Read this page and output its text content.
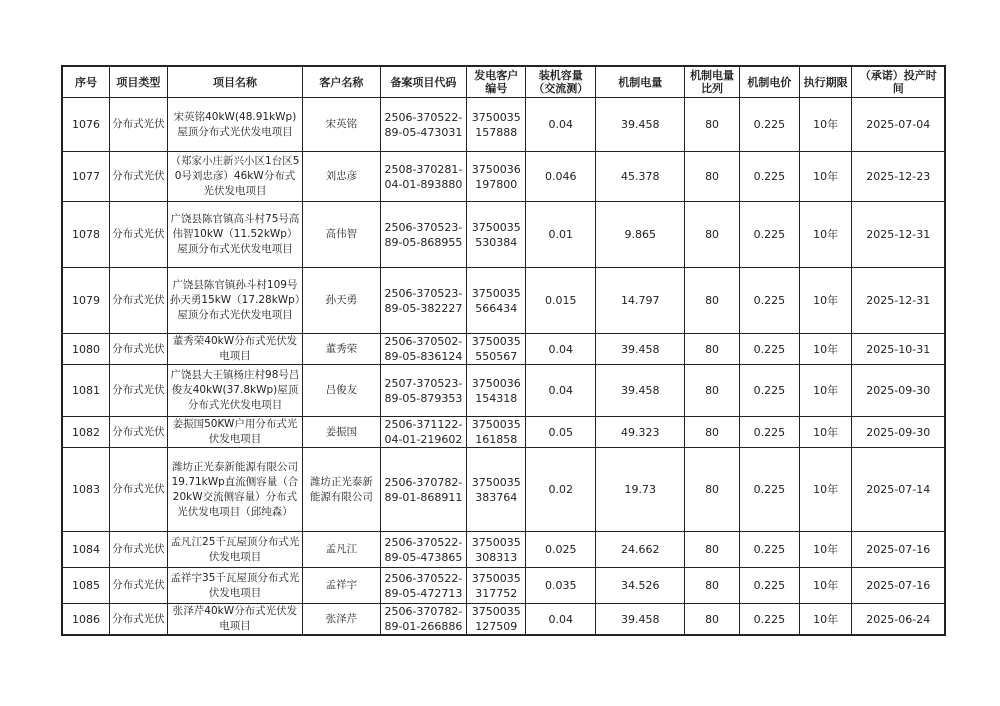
序号	项目类型	项目名称	客户名称	备案项目代码	发电客户编号	装机容量（交流测）	机制电量	机制电量比列	机制电价	执行期限	（承诺）投产时间
1076	分布式光伏	宋英铭40kW(48.91kWp)屋顶分布式光伏发电项目	宋英铭	2506-370522-89-05-473031	3750035157888	0.04	39.458	80	0.225	10年	2025-07-04
1077	分布式光伏	（郑家小庄新兴小区1台区50号刘忠彦）46kW分布式光伏发电项目	刘忠彦	2508-370281-04-01-893880	3750036197800	0.046	45.378	80	0.225	10年	2025-12-23
1078	分布式光伏	广饶县陈官镇高斗村75号高伟智10kW（11.52kWp）屋顶分布式光伏发电项目	高伟智	2506-370523-89-05-868955	3750035530384	0.01	9.865	80	0.225	10年	2025-12-31
1079	分布式光伏	广饶县陈官镇孙斗村109号孙天勇15kW（17.28kWp）屋顶分布式光伏发电项目	孙天勇	2506-370523-89-05-382227	3750035566434	0.015	14.797	80	0.225	10年	2025-12-31
1080	分布式光伏	董秀荣40kW分布式光伏发电项目	董秀荣	2506-370502-89-05-836124	3750035550567	0.04	39.458	80	0.225	10年	2025-10-31
1081	分布式光伏	广饶县大王镇杨庄村98号吕俊友40kW(37.8kWp)屋顶分布式光伏发电项目	吕俊友	2507-370523-89-05-879353	3750036154318	0.04	39.458	80	0.225	10年	2025-09-30
1082	分布式光伏	姜振国50KW户用分布式光伏发电项目	姜振国	2506-371122-04-01-219602	3750035161858	0.05	49.323	80	0.225	10年	2025-09-30
1083	分布式光伏	潍坊正光泰新能源有限公司19.71kWp直流侧容量（合20kW交流侧容量）分布式光伏发电项目（邱纯森）	潍坊正光泰新能源有限公司	2506-370782-89-01-868911	3750035383764	0.02	19.73	80	0.225	10年	2025-07-14
1084	分布式光伏	孟凡江25千瓦屋顶分布式光伏发电项目	孟凡江	2506-370522-89-05-473865	3750035308313	0.025	24.662	80	0.225	10年	2025-07-16
1085	分布式光伏	孟祥宇35千瓦屋顶分布式光伏发电项目	孟祥宇	2506-370522-89-05-472713	3750035317752	0.035	34.526	80	0.225	10年	2025-07-16
1086	分布式光伏	张泽芹40kW分布式光伏发电项目	张泽芹	2506-370782-89-01-266886	3750035127509	0.04	39.458	80	0.225	10年	2025-06-24
